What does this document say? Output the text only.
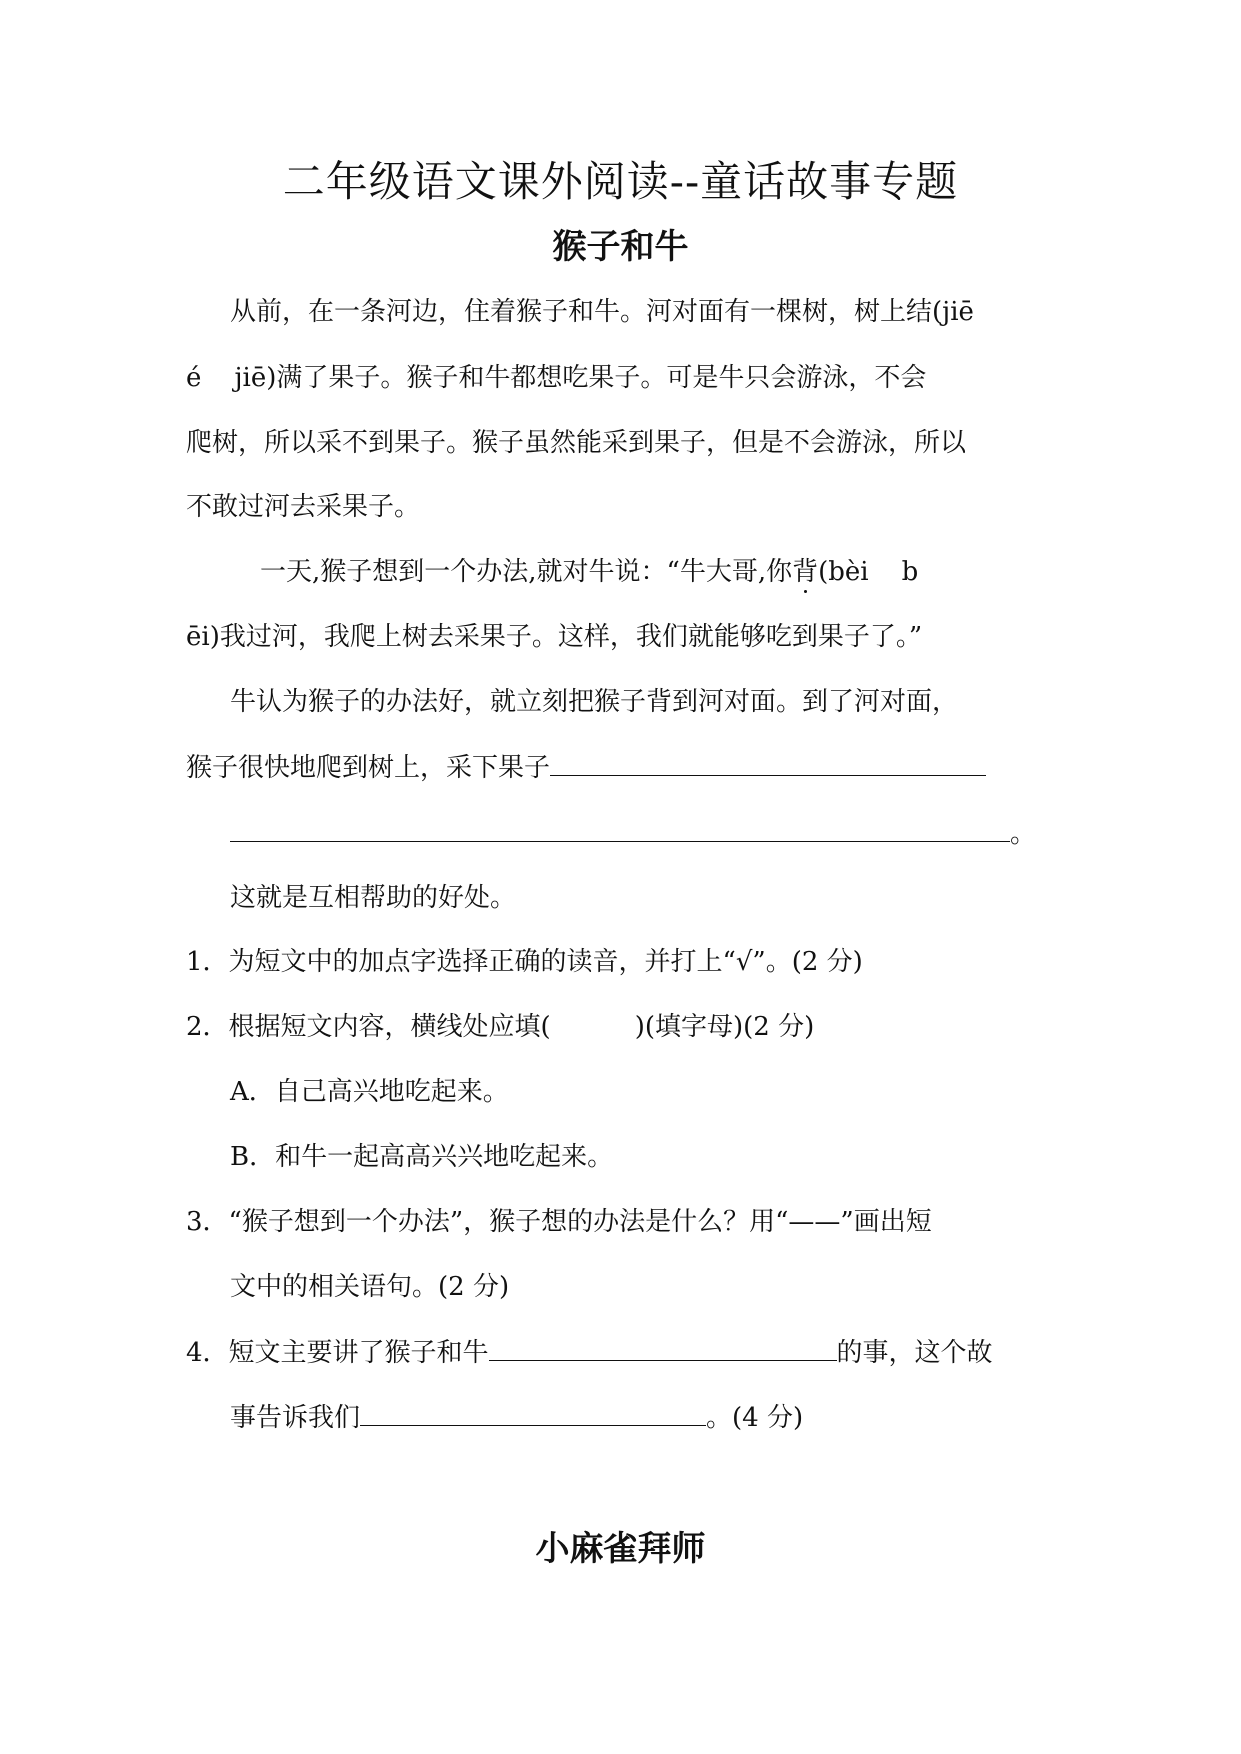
二年级语文课外阅读--童话故事专题
猴子和牛
从前，在一条河边，住着猴子和牛。河对面有一棵树，树上结(jiē
é    jiē)满了果子。猴子和牛都想吃果子。可是牛只会游泳，不会
爬树，所以采不到果子。猴子虽然能采到果子，但是不会游泳，所以
不敢过河去采果子。
一天,猴子想到一个办法,就对牛说：“牛大哥,你背(bèi    b
ēi)我过河，我爬上树去采果子。这样，我们就能够吃到果子了。”
牛认为猴子的办法好，就立刻把猴子背到河对面。到了河对面，
猴子很快地爬到树上，采下果子
。
这就是互相帮助的好处。
1．为短文中的加点字选择正确的读音，并打上“√”。(2 分)
2．根据短文内容，横线处应填(	)(填字母)(2 分)
A．自己高兴地吃起来。
B．和牛一起高高兴兴地吃起来。
3．“猴子想到一个办法”，猴子想的办法是什么？用“——”画出短
文中的相关语句。(2 分)
4．短文主要讲了猴子和牛	的事，这个故
事告诉我们	。(4 分)
小麻雀拜师
